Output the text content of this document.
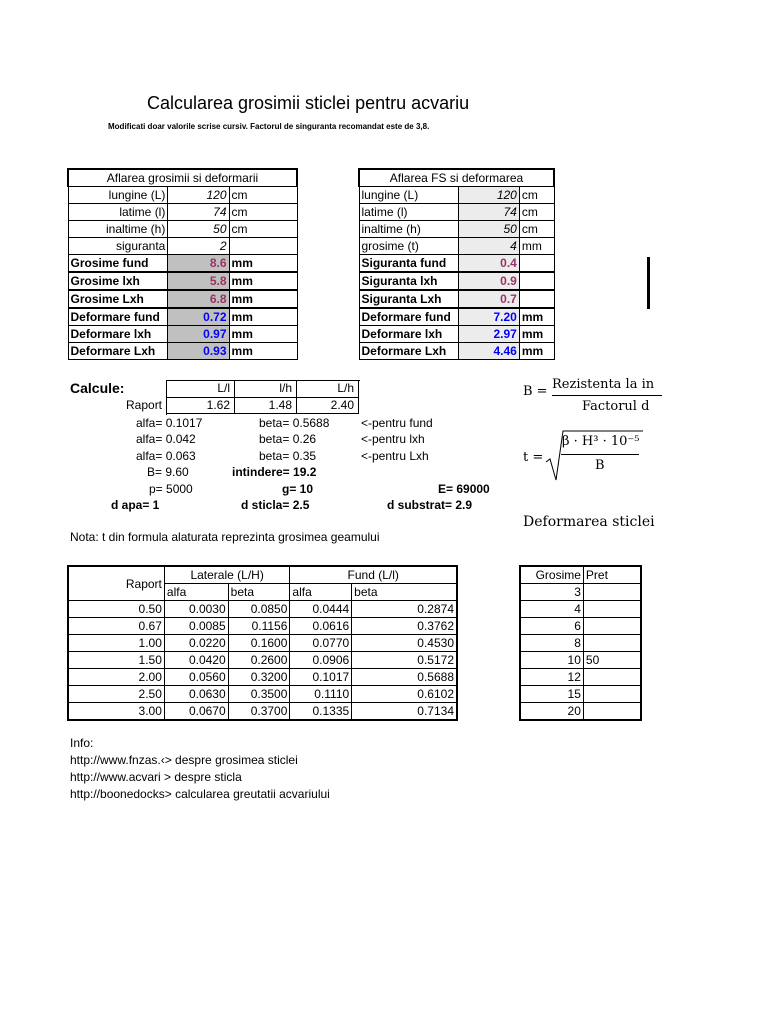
Calcularea grosimii sticlei pentru acvariu
Modificati doar valorile scrise cursiv. Factorul de singuranta recomandat este de 3,8.
Aflarea grosimii si deformarii		
lungine (L)	120	cm
latime (l)	74	cm
inaltime (h)	50	cm
siguranta	2	
Grosime fund	8.6	mm
Grosime lxh	5.8	mm
Grosime Lxh	6.8	mm
Deformare fund	0.72	mm
Deformare lxh	0.97	mm
Deformare Lxh	0.93	mm
Aflarea FS si deformarea		
lungine (L)	120	cm
latime (l)	74	cm
inaltime (h)	50	cm
grosime (t)	4	mm
Siguranta fund	0.4	
Siguranta lxh	0.9	
Siguranta Lxh	0.7	
Deformare fund	7.20	mm
Deformare lxh	2.97	mm
Deformare Lxh	4.46	mm
Calcule:	L/l	l/h	L/h
Raport	1.62	1.48	2.40
alfa= 0.1017	beta= 0.5688	<-pentru fund
alfa= 0.042	beta= 0.26	<-pentru lxh
alfa= 0.063	beta= 0.35	<-pentru Lxh
B= 9.60	intindere= 19.2
p= 5000	g= 10	E= 69000
d apa= 1	d sticla= 2.5	d substrat= 2.9
B = Rezistenta la in
Factorul d
t =
β · H³ · 10⁻⁵
B
Deformarea sticlei
Nota: t din formula alaturata reprezinta grosimea geamului
Raport	Laterale (L/H)		Fund (L/l)	
	alfa	beta	alfa	beta
0.50	0.0030	0.0850	0.0444	0.2874
0.67	0.0085	0.1156	0.0616	0.3762
1.00	0.0220	0.1600	0.0770	0.4530
1.50	0.0420	0.2600	0.0906	0.5172
2.00	0.0560	0.3200	0.1017	0.5688
2.50	0.0630	0.3500	0.1110	0.6102
3.00	0.0670	0.3700	0.1335	0.7134
Grosime	Pret
3	
4	
6	
8	
10	50
12	
15	
20	
Info:
http://www.fnzas.‹> despre grosimea sticlei
http://www.acvari > despre sticla
http://boonedocks> calcularea greutatii acvariului
